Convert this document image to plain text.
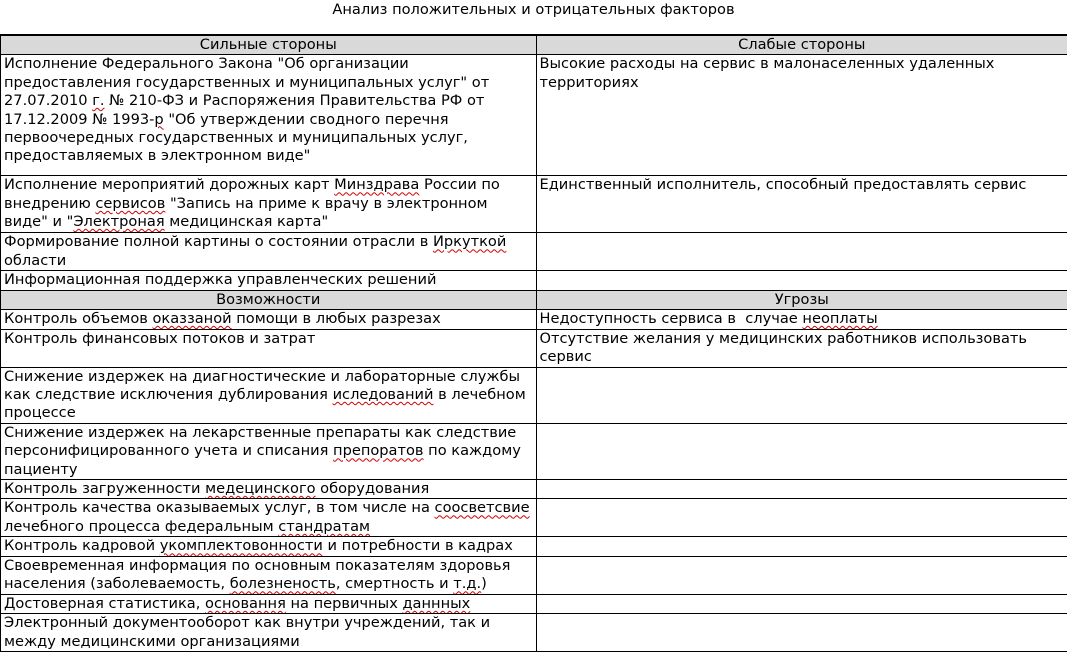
Анализ положительных и отрицательных факторов
Сильные стороны	Слабые стороны
Исполнение Федерального Закона "Об организации предоставления государственных и муниципальных услуг" от 27.07.2010 г. № 210-ФЗ и Распоряжения Правительства РФ от 17.12.2009 № 1993-р "Об утверждении сводного перечня первоочередных государственных и муниципальных услуг, предоставляемых в электронном виде"	Высокие расходы на сервис в малонаселенных удаленных территориях
Исполнение мероприятий дорожных карт Минздрава России по внедрению сервисов "Запись на приме к врачу в электронном виде" и "Электроная медицинская карта"	Единственный исполнитель, способный предоставлять сервис
Формирование полной картины о состоянии отрасли в Иркуткой области	
Информационная поддержка управленческих решений	
Возможности	Угрозы
Контроль объемов оказзаной помощи в любых разрезах	Недоступность сервиса в  случае неоплаты
Контроль финансовых потоков и затрат	Отсутствие желания у медицинских работников использовать сервис
Снижение издержек на диагностические и лабораторные службы как следствие исключения дублирования иследований в лечебном процессе	
Снижение издержек на лекарственные препараты как следствие персонифицированного учета и списания препоратов по каждому пациенту	
Контроль загруженности медецинского оборудования	
Контроль качества оказываемых услуг, в том числе на соосветсвие лечебного процесса федеральным стандратам	
Контроль кадровой укомплектовонности и потребности в кадрах	
Своевременная информация по основным показателям здоровья населения (заболеваемость, болезненость, смертность и т.д.)	
Достоверная статистика, основання на первичных даннных	
Электронный документооборот как внутри учреждений, так и между медицинскими организациями	
